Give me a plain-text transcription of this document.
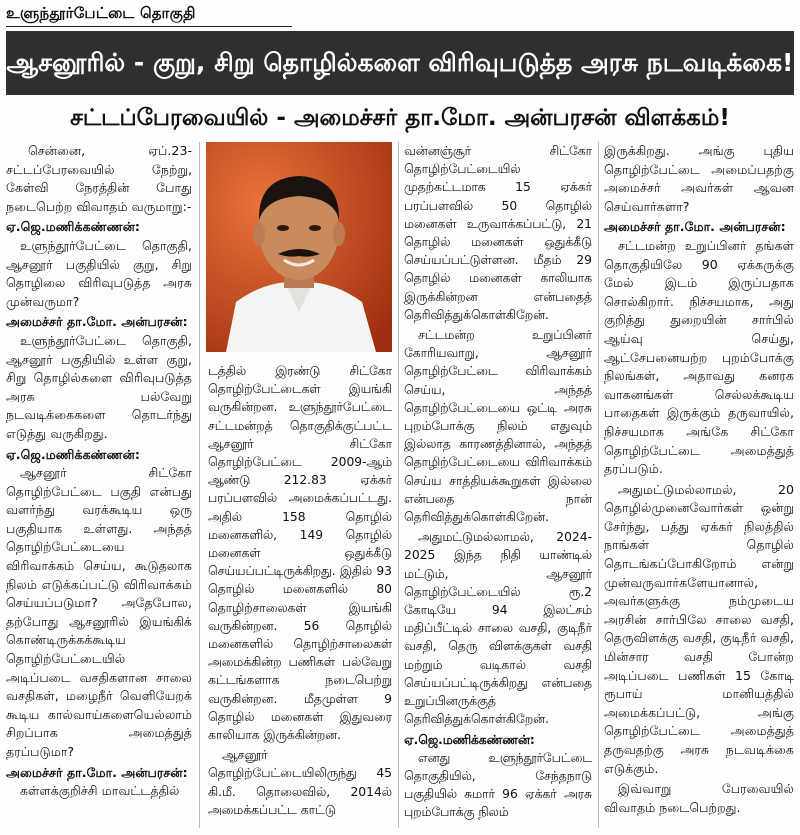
உளுந்தூர்பேட்டை தொகுதி
ஆசனூரில் - குறு, சிறு தொழில்களை விரிவுபடுத்த அரசு நடவடிக்கை!
சட்டப்பேரவையில் - அமைச்சர் தா.மோ. அன்பரசன் விளக்கம்!

சென்னை, ஏப்.23- சட்டப்பேரவையில் நேற்று, கேள்வி நேரத்தின் போது நடைபெற்ற விவாதம் வருமாறு:-

ஏ.ஜெ.மணிக்கண்ணன்:

உளுந்தூர்பேட்டை தொகுதி, ஆசனூர் பகுதியில் குறு, சிறு தொழிலை விரிவுபடுத்த அரசு முன்வருமா?

அமைச்சர் தா.மோ. அன்பரசன்:

உளுந்தூர்பேட்டை தொகுதி, ஆசனூர் பகுதியில் உள்ள குறு, சிறு தொழில்களை விரிவுபடுத்த அரசு பல்வேறு நடவடிக்கைகளை தொடர்ந்து எடுத்து வருகிறது.

ஏ.ஜெ.மணிக்கண்ணன்:

ஆசனூர் சிட்கோ தொழிற்பேட்டை பகுதி என்பது வளர்ந்து வரக்கூடிய ஒரு பகுதியாக உள்ளது. அந்தத் தொழிற்பேட்டையை விரிவாக்கம் செய்ய, கூடுதலாக நிலம் எடுக்கப்பட்டு விரிவாக்கம் செய்யப்படுமா? அதேபோல, தற்போது ஆசனூரில் இயங்கிக் கொண்டிருக்கக்கூடிய தொழிற்பேட்டையில் அடிப்படை வசதிகளான சாலை வசதிகள், மழைநீர் வெளியேறக் கூடிய கால்வாய்களையெல்லாம் சிறப்பாக அமைத்துத் தரப்படுமா?

அமைச்சர் தா.மோ. அன்பரசன்:

கள்ளக்குறிச்சி மாவட்டத்தில்

டத்தில் இரண்டு சிட்கோ தொழிற்பேட்டைகள் இயங்கி வருகின்றன. உளுந்தூர்பேட்டை சட்டமன்றத் தொகுதிக்குட்பட்ட ஆசனூர் சிட்கோ தொழிற்பேட்டை 2009-ஆம் ஆண்டு 212.83 ஏக்கர் பரப்பளவில் அமைக்கப்பட்டது. அதில் 158 தொழில் மனைகளில், 149 தொழில் மனைகள் ஒதுக்கீடு செய்யப்பட்டிருக்கிறது. இதில் 93 தொழில் மனைகளில் 80 தொழிற்சாலைகள் இயங்கி வருகின்றன. 56 தொழில் மனைகளில் தொழிற்சாலைகள் அமைக்கின்ற பணிகள் பல்வேறு கட்டங்களாக நடைபெற்று வருகின்றன. மீதமுள்ள 9 தொழில் மனைகள் இதுவரை காலியாக இருக்கின்றன.

ஆசனூர் தொழிற்பேட்டையிலிருந்து 45 கி.மீ. தொலைவில், 2014ல் அமைக்கப்பட்ட காட்டு

வன்னஞ்சூர் சிட்கோ தொழிற்பேட்டையில் முதற்கட்டமாக 15 ஏக்கர் பரப்பளவில் 50 தொழில் மனைகள் உருவாக்கப்பட்டு, 21 தொழில் மனைகள் ஒதுக்கீடு செய்யப்பட்டுள்ளன. மீதம் 29 தொழில் மனைகள் காலியாக இருக்கின்றன என்பதைத் தெரிவித்துக்கொள்கிறேன்.

சட்டமன்ற உறுப்பினர் கோரியவாறு, ஆசனூர் தொழிற்பேட்டை விரிவாக்கம் செய்ய, அந்தத் தொழிற்பேட்டையை ஒட்டி அரசு புறம்போக்கு நிலம் எதுவும் இல்லாத காரணத்தினால், அந்தத் தொழிற்பேட்டையை விரிவாக்கம் செய்ய சாத்தியக்கூறுகள் இல்லை என்பதை நான் தெரிவித்துக்கொள்கிறேன்.

அதுமட்டுமல்லாமல், 2024-2025 இந்த நிதி யாண்டில் மட்டும், ஆசனூர் தொழிற்பேட்டையில் ரூ.2 கோடியே 94 இலட்சம் மதிப்பீட்டில் சாலை வசதி, குடிநீர் வசதி, தெரு விளக்குகள் வசதி மற்றும் வடிகால் வசதி செய்யப்பட்டிருக்கிறது என்பதை உறுப்பினருக்குத் தெரிவித்துக்கொள்கிறேன்.

ஏ.ஜெ.மணிக்கண்ணன்:

எனது உளுந்தூர்பேட்டை தொகுதியில், சேந்தநாடு பகுதியில் சுமார் 96 ஏக்கர் அரசு புறம்போக்கு நிலம்

இருக்கிறது. அங்கு புதிய தொழிற்பேட்டை அமைப்பதற்கு அமைச்சர் அவர்கள் ஆவன செய்வார்களா?

அமைச்சர் தா.மோ. அன்பரசன்:

சட்டமன்ற உறுப்பினர் தங்கள் தொகுதியிலே 90 ஏக்கருக்கு மேல் இடம் இருப்பதாக சொல்கிறார். நிச்சயமாக, அது குறித்து துறையின் சார்பில் ஆய்வு செய்து, ஆட்சேபனையற்ற புறம்போக்கு நிலங்கள், அதாவது கனரக வாகனங்கள் செல்லக்கூடிய பாதைகள் இருக்கும் தருவாயில், நிச்சயமாக அங்கே சிட்கோ தொழிற்பேட்டை அமைத்துத் தரப்படும்.

அதுமட்டுமல்லாமல், 20 தொழில்முனைவோர்கள் ஒன்று சேர்ந்து, பத்து ஏக்கர் நிலத்தில் நாங்கள் தொழில் தொடங்கப்போகிறோம் என்று முன்வருவார்களேயானால், அவர்களுக்கு நம்முடைய அரசின் சார்பிலே சாலை வசதி, தெருவிளக்கு வசதி, குடிநீர் வசதி, மின்சார வசதி போன்ற அடிப்படை பணிகள் 15 கோடி ரூபாய் மானியத்தில் அமைக்கப்பட்டு, அங்கு தொழிற்பேட்டை அமைத்துத் தருவதற்கு அரசு நடவடிக்கை எடுக்கும்.

இவ்வாறு பேரவையில் விவாதம் நடைபெற்றது.
